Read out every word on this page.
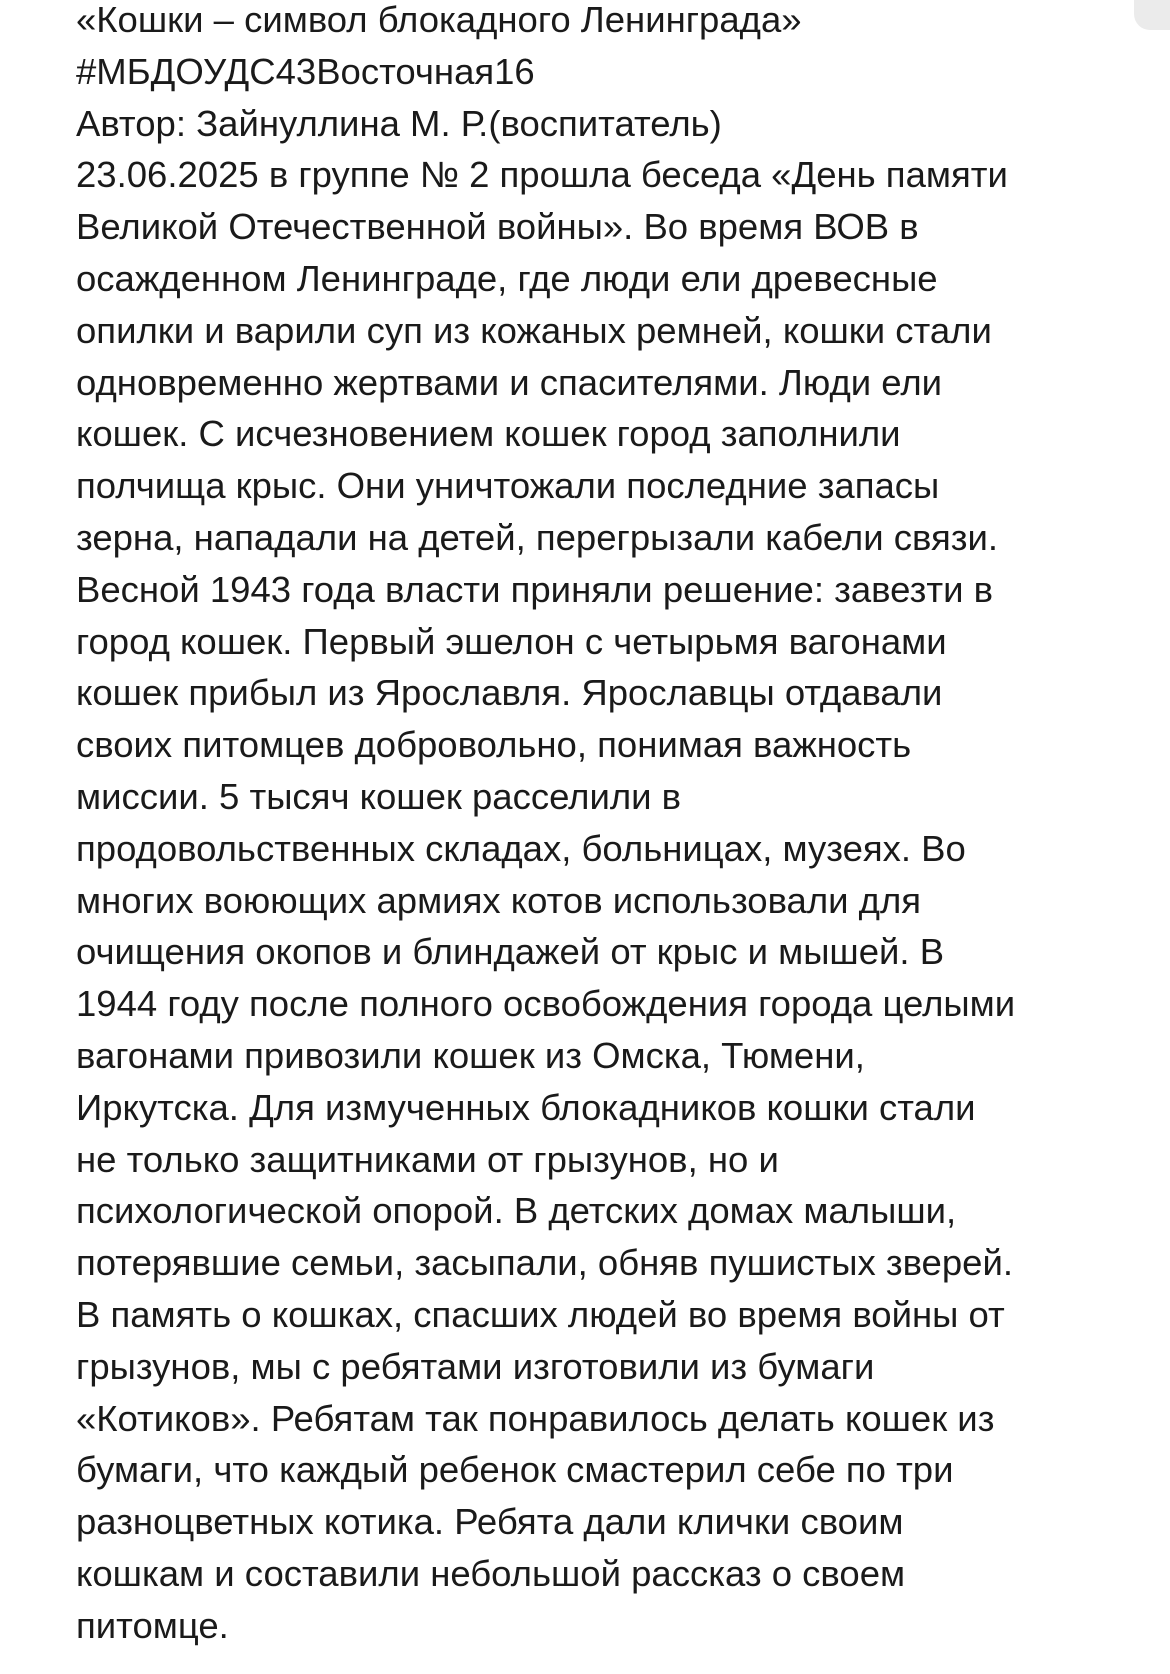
«Кошки – символ блокадного Ленинграда»
#МБДОУДС43Восточная16
Автор: Зайнуллина М. Р.(воспитатель)
23.06.2025 в группе № 2 прошла беседа «День памяти
Великой Отечественной войны». Во время ВОВ в
осажденном Ленинграде, где люди ели древесные
опилки и варили суп из кожаных ремней, кошки стали
одновременно жертвами и спасителями. Люди ели
кошек. С исчезновением кошек город заполнили
полчища крыс. Они уничтожали последние запасы
зерна, нападали на детей, перегрызали кабели связи.
Весной 1943 года власти приняли решение: завезти в
город кошек. Первый эшелон с четырьмя вагонами
кошек прибыл из Ярославля. Ярославцы отдавали
своих питомцев добровольно, понимая важность
миссии. 5 тысяч кошек расселили в
продовольственных складах, больницах, музеях. Во
многих воюющих армиях котов использовали для
очищения окопов и блиндажей от крыс и мышей. В
1944 году после полного освобождения города целыми
вагонами привозили кошек из Омска, Тюмени,
Иркутска. Для измученных блокадников кошки стали
не только защитниками от грызунов, но и
психологической опорой. В детских домах малыши,
потерявшие семьи, засыпали, обняв пушистых зверей.
В память о кошках, спасших людей во время войны от
грызунов, мы с ребятами изготовили из бумаги
«Котиков». Ребятам так понравилось делать кошек из
бумаги, что каждый ребенок смастерил себе по три
разноцветных котика. Ребята дали клички своим
кошкам и составили небольшой рассказ о своем
питомце.
